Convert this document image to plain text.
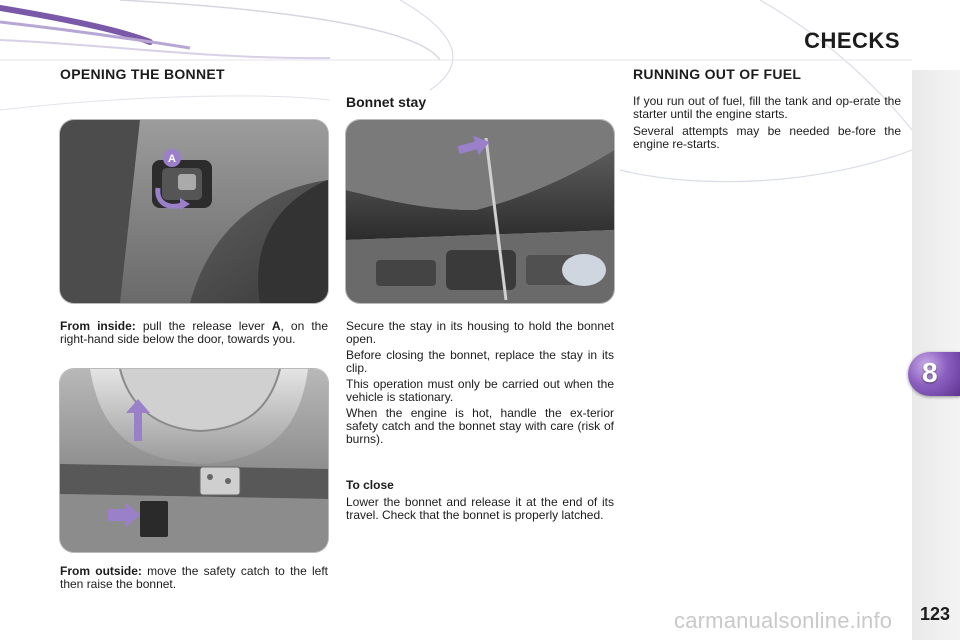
CHECKS
8
123
OPENING THE BONNET
A

From inside: pull the release lever A, on the right-hand side below the door, towards you.

From outside: move the safety catch to the left then raise the bonnet.

Bonnet stay

Secure the stay in its housing to hold the bonnet open.

Before closing the bonnet, replace the stay in its clip.

This operation must only be carried out when the vehicle is stationary.

When the engine is hot, handle the ex-terior safety catch and the bonnet stay with care (risk of burns).

To close

Lower the bonnet and release it at the end of its travel. Check that the bonnet is properly latched.

RUNNING OUT OF FUEL

If you run out of fuel, fill the tank and op-erate the starter until the engine starts.

Several attempts may be needed be-fore the engine re-starts.

carmanualsonline.info
